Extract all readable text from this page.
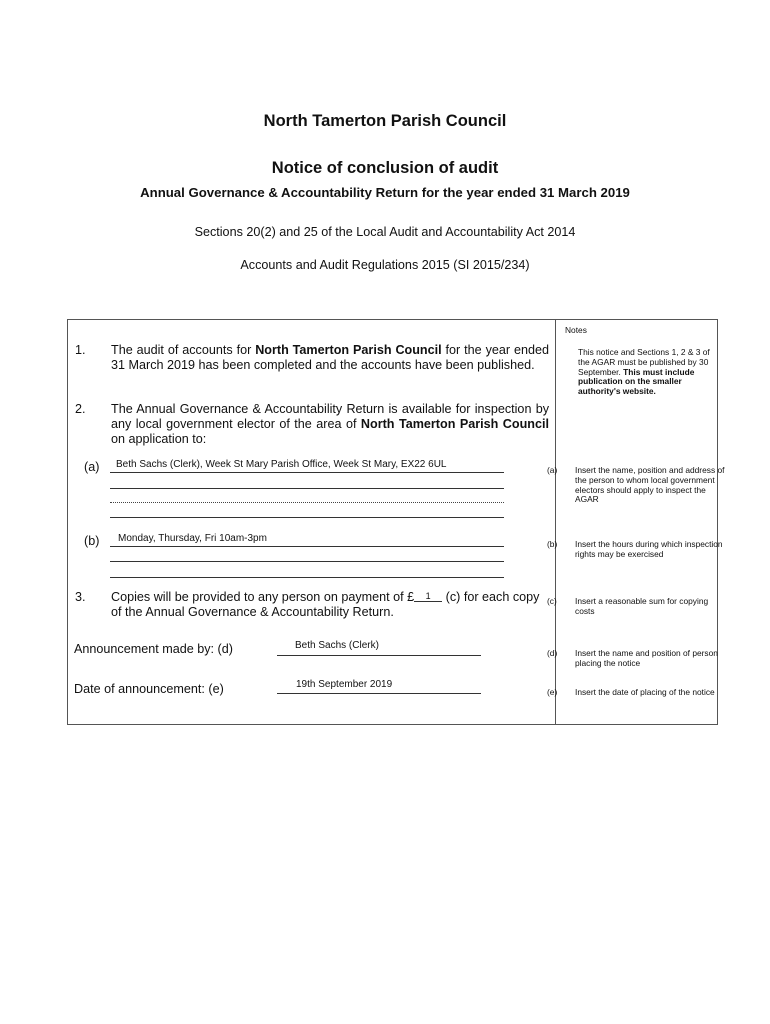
North Tamerton Parish Council
Notice of conclusion of audit
Annual Governance & Accountability Return for the year ended 31 March 2019
Sections 20(2) and 25 of the Local Audit and Accountability Act 2014
Accounts and Audit Regulations 2015 (SI 2015/234)
1. The audit of accounts for North Tamerton Parish Council for the year ended 31 March 2019 has been completed and the accounts have been published.
2. The Annual Governance & Accountability Return is available for inspection by any local government elector of the area of North Tamerton Parish Council on application to:
(a) Beth Sachs (Clerk), Week St Mary Parish Office, Week St Mary, EX22 6UL
(b) Monday, Thursday, Fri 10am-3pm
3. Copies will be provided to any person on payment of £ 1 (c) for each copy of the Annual Governance & Accountability Return.
Announcement made by: (d)	Beth Sachs (Clerk)
Date of announcement: (e)	19th September 2019
Notes
This notice and Sections 1, 2 & 3 of the AGAR must be published by 30 September. This must include publication on the smaller authority's website.
(a) Insert the name, position and address of the person to whom local government electors should apply to inspect the AGAR
(b) Insert the hours during which inspection rights may be exercised
(c) Insert a reasonable sum for copying costs
(d) Insert the name and position of person placing the notice
(e) Insert the date of placing of the notice
